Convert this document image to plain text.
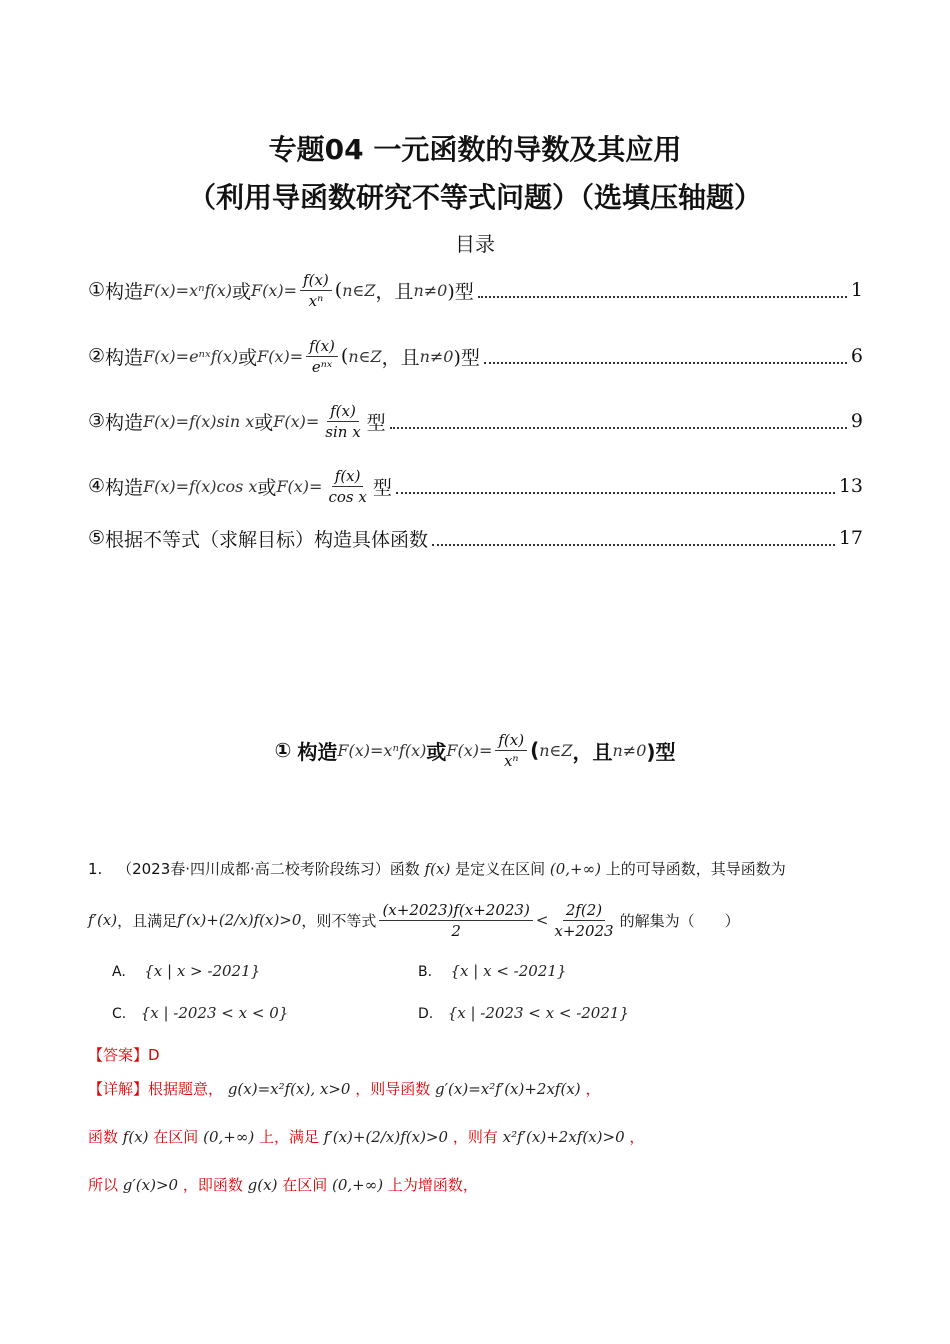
专题04 一元函数的导数及其应用
（利用导函数研究不等式问题）（选填压轴题）
目录
① 构造 F(x)=xⁿf(x) 或 $F(x)= \frac{f(x)}{\text{xⁿ}}$ ( n∈Z ，且 n≠0 )型	1
② 构造 F(x)=eⁿˣf(x) 或 $F(x)= \frac{f(x)}{\text{eⁿˣ}}$ ( n∈Z ，且 n≠0 )型	6
③ 构造 F(x)=f(x)sin x 或 $F(x)= \frac{f(x)}{\text{sin x}}$ 型	9
④ 构造 F(x)=f(x)cos x 或 $F(x)= \frac{f(x)}{\text{cos x}}$ 型	13
⑤ 根据不等式（求解目标）构造具体函数	17
① 构造 F(x)=xⁿf(x) 或 $F(x)= \frac{f(x)}{\text{xⁿ}}$ ( n∈Z ，且 n≠0 )型
1. （2023春·四川成都·高二校考阶段练习）函数 f(x) 是定义在区间 (0,+∞) 上的可导函数，其导函数为
f′(x) ，且满足 f′(x)+(2/x)f(x)>0 ，则不等式 $\frac{(x+2023)f(x+2023)}{2} < \frac{2f(2)}{x+2023}$ 的解集为（　　）
A. {x | x > -2021}	B. {x | x < -2021}
C. {x | -2023 < x < 0}	D. {x | -2023 < x < -2021}
【答案】D
【详解】根据题意， g(x)=x²f(x), x>0 ，则导函数 g′(x)=x²f′(x)+2xf(x) ，
函数 f(x) 在区间 (0,+∞) 上，满足 f′(x)+(2/x)f(x)>0 ，则有 x²f′(x)+2xf(x)>0 ，
所以 g′(x)>0 ，即函数 g(x) 在区间 (0,+∞) 上为增函数，
